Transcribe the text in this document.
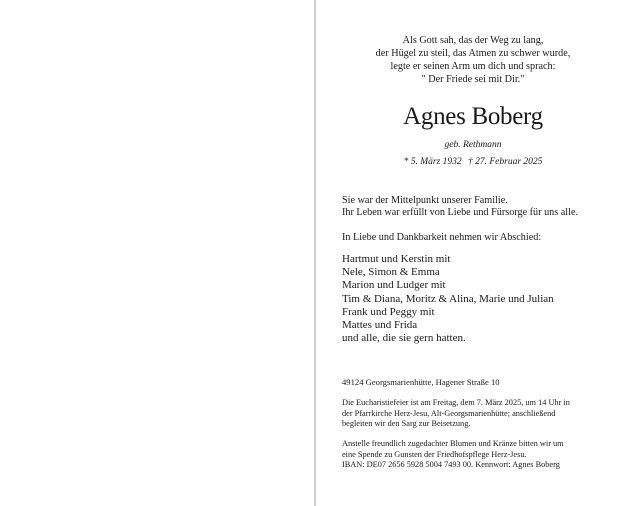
Als Gott sah, das der Weg zu lang,
der Hügel zu steil, das Atmen zu schwer wurde,
legte er seinen Arm um dich und sprach:
" Der Friede sei mit Dir."
Agnes Boberg
geb. Rethmann
* 5. März 1932 † 27. Februar 2025
Sie war der Mittelpunkt unserer Familie.
Ihr Leben war erfüllt von Liebe und Fürsorge für uns alle.
In Liebe und Dankbarkeit nehmen wir Abschied:
Hartmut und Kerstin mit
Nele, Simon & Emma
Marion und Ludger mit
Tim & Diana, Moritz & Alina, Marie und Julian
Frank und Peggy mit
Mattes und Frida
und alle, die sie gern hatten.
49124 Georgsmarienhütte, Hagener Straße 10
Die Eucharistiefeier ist am Freitag, dem 7. März 2025, um 14 Uhr in
der Pfarrkirche Herz-Jesu, Alt-Georgsmarienhütte; anschließend
begleiten wir den Sarg zur Beisetzung.
Anstelle freundlich zugedachter Blumen und Kränze bitten wir um
eine Spende zu Gunsten der Friedhofspflege Herz-Jesu.
IBAN: DE07 2656 5928 5004 7493 00. Kennwort: Agnes Boberg
